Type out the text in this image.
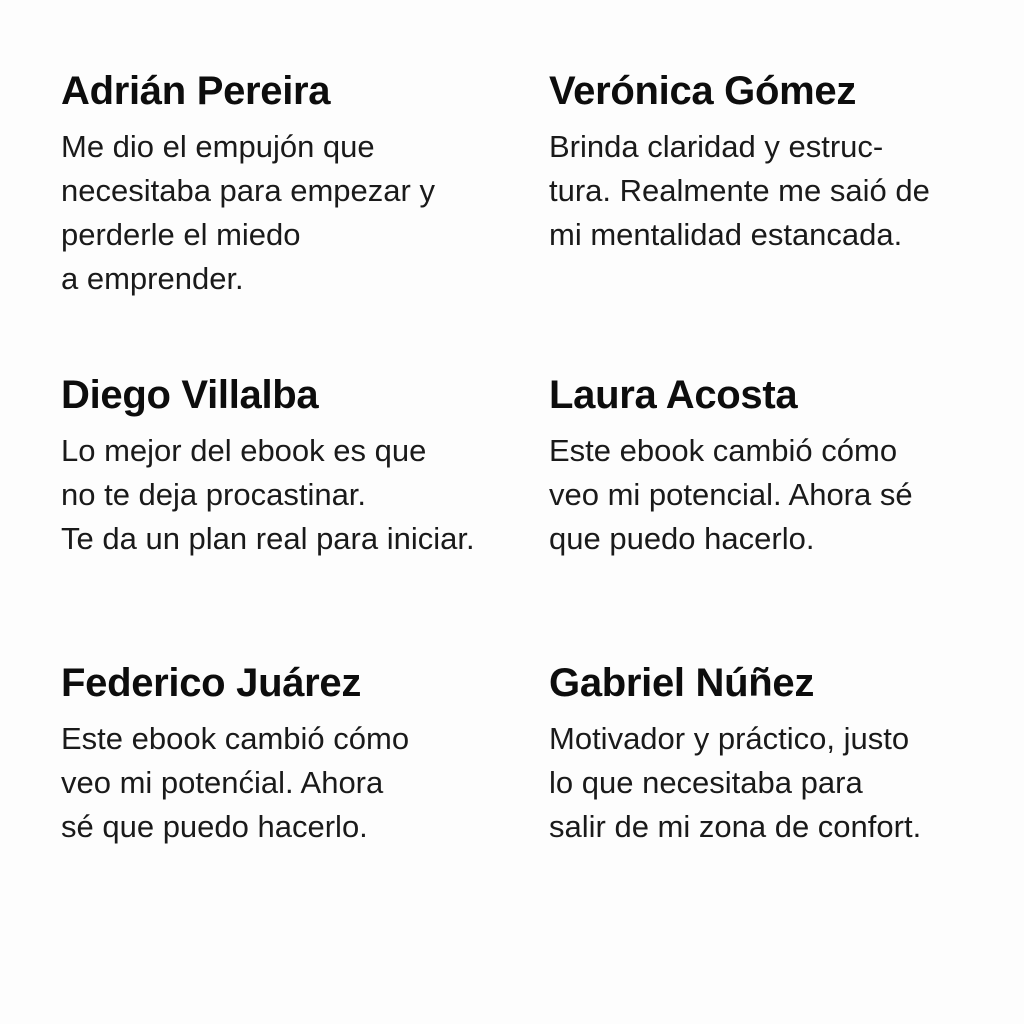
Adrián Pereira

Me dio el empujón que
necesitaba para empezar y
perderle el miedo
a emprender.

Verónica Gómez

Brinda claridad y estruc-
tura. Realmente me saió de
mi mentalidad estancada.

Diego Villalba

Lo mejor del ebook es que
no te deja procastinar.
Te da un plan real para iniciar.

Laura Acosta

Este ebook cambió cómo
veo mi potencial. Ahora sé
que puedo hacerlo.

Federico Juárez

Este ebook cambió cómo
veo mi potenćial. Ahora
sé que puedo hacerlo.

Gabriel Núñez

Motivador y práctico, justo
lo que necesitaba para
salir de mi zona de confort.
